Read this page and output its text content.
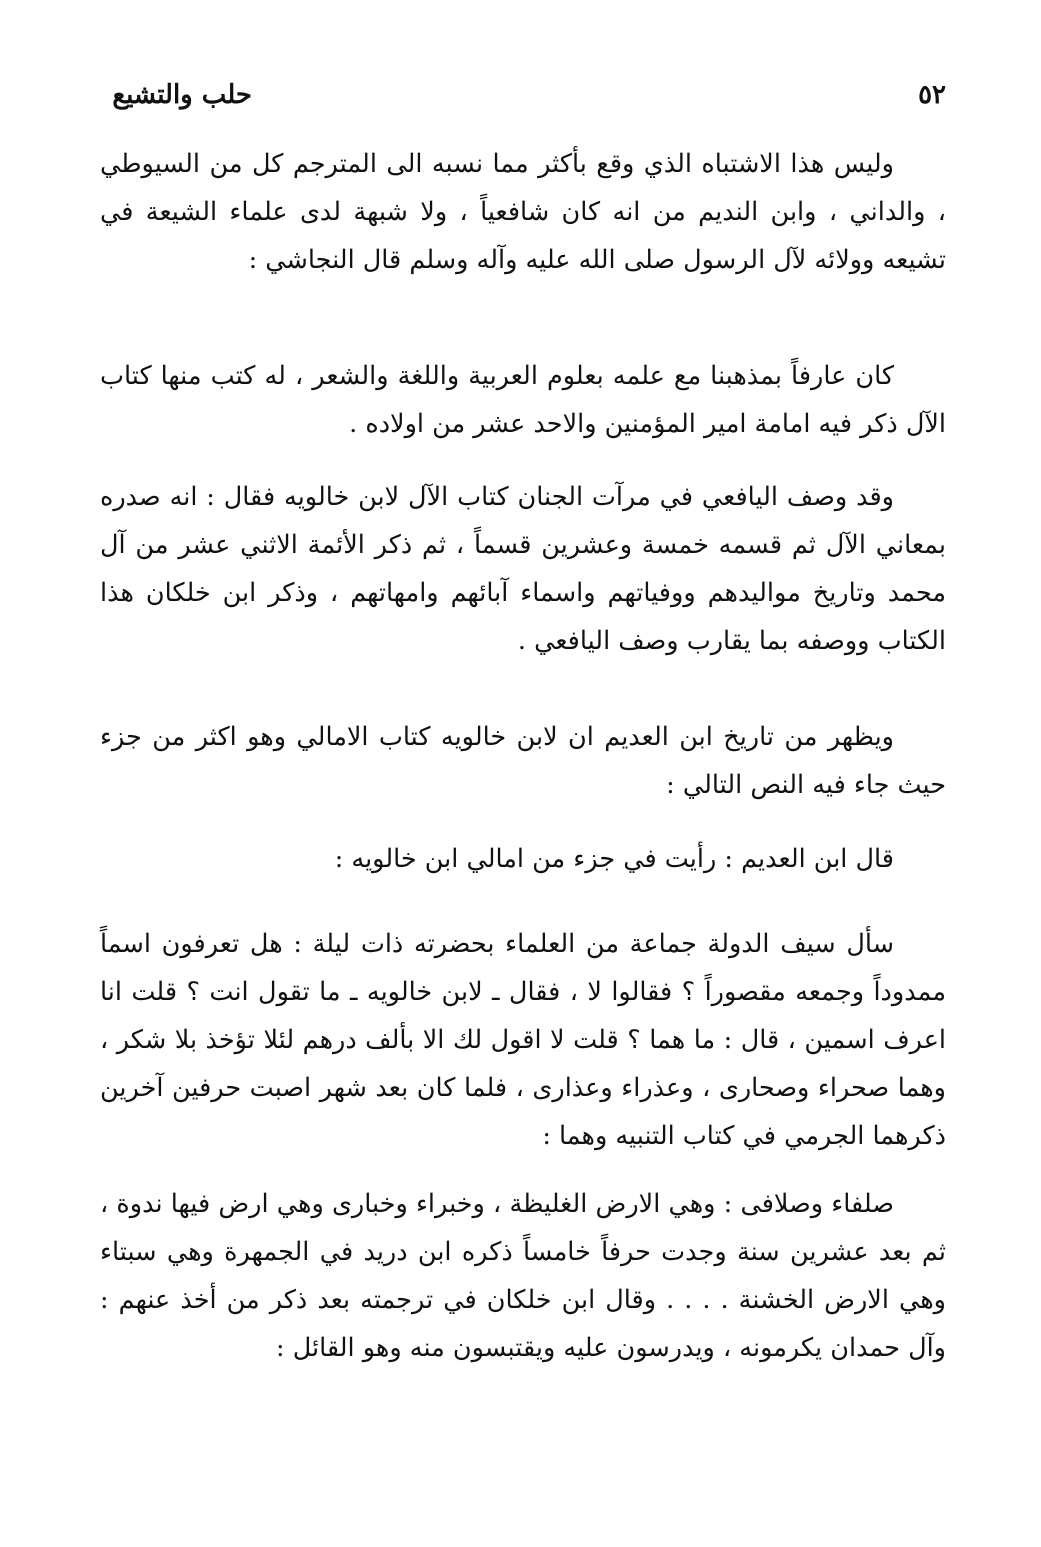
٥٢
حلب والتشيع

وليس هذا الاشتباه الذي وقع بأكثر مما نسبه الى المترجم كل من السيوطي ، والداني ، وابن النديم من انه كان شافعياً ، ولا شبهة لدى علماء الشيعة في تشيعه وولائه لآل الرسول صلى الله عليه وآله وسلم قال النجاشي :

كان عارفاً بمذهبنا مع علمه بعلوم العربية واللغة والشعر ، له كتب منها كتاب الآل ذكر فيه امامة امير المؤمنين والاحد عشر من اولاده .

وقد وصف اليافعي في مرآت الجنان كتاب الآل لابن خالويه فقال : انه صدره بمعاني الآل ثم قسمه خمسة وعشرين قسماً ، ثم ذكر الأئمة الاثني عشر من آل محمد وتاريخ مواليدهم ووفياتهم واسماء آبائهم وامهاتهم ، وذكر ابن خلكان هذا الكتاب ووصفه بما يقارب وصف اليافعي .

ويظهر من تاريخ ابن العديم ان لابن خالويه كتاب الامالي وهو اكثر من جزء حيث جاء فيه النص التالي :

قال ابن العديم : رأيت في جزء من امالي ابن خالويه :

سأل سيف الدولة جماعة من العلماء بحضرته ذات ليلة : هل تعرفون اسماً ممدوداً وجمعه مقصوراً ؟ فقالوا لا ، فقال ـ لابن خالويه ـ ما تقول انت ؟ قلت انا اعرف اسمين ، قال : ما هما ؟ قلت لا اقول لك الا بألف درهم لئلا تؤخذ بلا شكر ، وهما صحراء وصحارى ، وعذراء وعذارى ، فلما كان بعد شهر اصبت حرفين آخرين ذكرهما الجرمي في كتاب التنبيه وهما :

صلفاء وصلافى : وهي الارض الغليظة ، وخبراء وخبارى وهي ارض فيها ندوة ، ثم بعد عشرين سنة وجدت حرفاً خامساً ذكره ابن دريد في الجمهرة وهي سبتاء وهي الارض الخشنة . . . . وقال ابن خلكان في ترجمته بعد ذكر من أخذ عنهم : وآل حمدان يكرمونه ، ويدرسون عليه ويقتبسون منه وهو القائل :
